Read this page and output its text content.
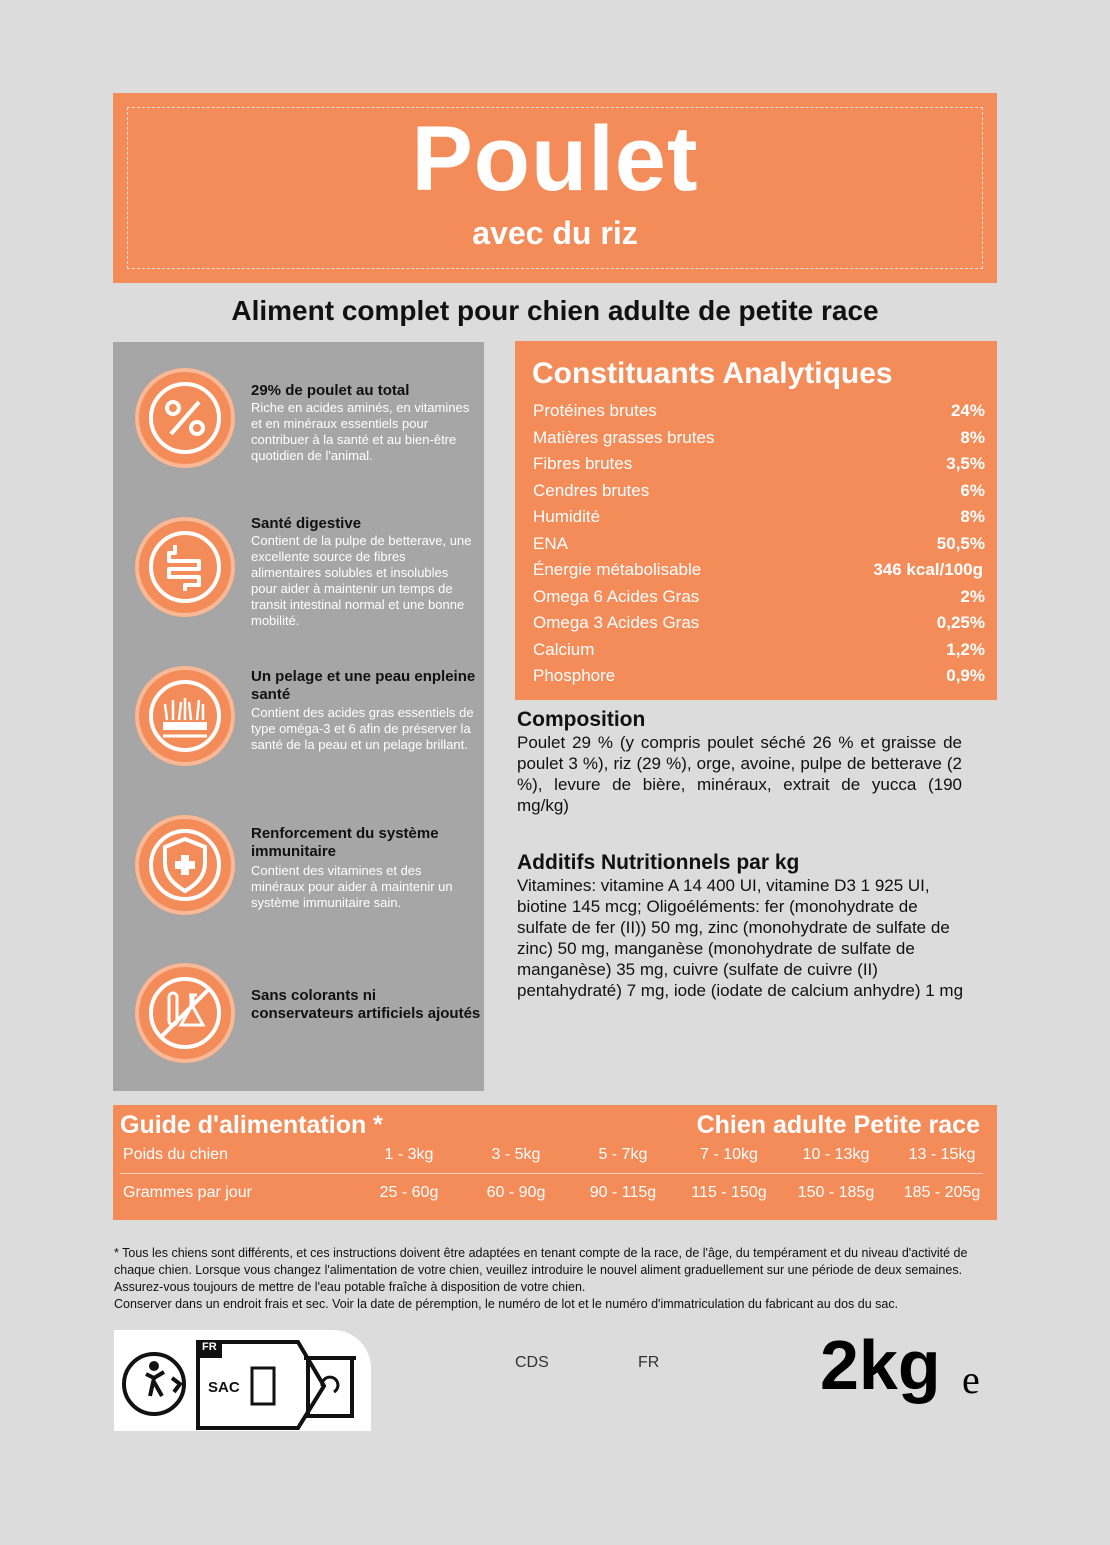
Poulet
avec du riz
Aliment complet pour chien adulte de petite race
29% de poulet au total
Riche en acides aminés, en vitamines et en minéraux essentiels pour contribuer à la santé et au bien-être quotidien de l'animal.
Santé digestive
Contient de la pulpe de betterave, une excellente source de fibres alimentaires solubles et insolubles pour aider à maintenir un temps de transit intestinal normal et une bonne mobilité.
Un pelage et une peau enpleine santé
Contient des acides gras essentiels de type oméga-3 et 6 afin de préserver la santé de la peau et un pelage brillant.
Renforcement du système immunitaire
Contient des vitamines et des minéraux pour aider à maintenir un système immunitaire sain.
Sans colorants ni conservateurs artificiels ajoutés
Constituants Analytiques
Protéines brutes	24%
Matières grasses brutes	8%
Fibres brutes	3,5%
Cendres brutes	6%
Humidité	8%
ENA	50,5%
Énergie métabolisable	346 kcal/100g
Omega 6 Acides Gras	2%
Omega 3 Acides Gras	0,25%
Calcium	1,2%
Phosphore	0,9%
Composition
Poulet 29 % (y compris poulet séché 26 % et graisse de poulet 3 %), riz (29 %), orge, avoine, pulpe de betterave (2 %), levure de bière, minéraux, extrait de yucca (190 mg/kg)
Additifs Nutritionnels par kg
Vitamines: vitamine A 14 400 UI, vitamine D3 1 925 UI, biotine 145 mcg; Oligoéléments: fer (monohydrate de sulfate de fer (II)) 50 mg, zinc (monohydrate de sulfate de zinc) 50 mg, manganèse (monohydrate de sulfate de manganèse) 35 mg, cuivre (sulfate de cuivre (II) pentahydraté) 7 mg, iode (iodate de calcium anhydre) 1 mg
Guide d'alimentation *	Chien adulte Petite race
Poids du chien	1 - 3kg	3 - 5kg	5 - 7kg	7 - 10kg	10 - 13kg	13 - 15kg
Grammes par jour	25 - 60g	60 - 90g	90 - 115g	115 - 150g	150 - 185g	185 - 205g
* Tous les chiens sont différents, et ces instructions doivent être adaptées en tenant compte de la race, de l'âge, du tempérament et du niveau d'activité de chaque chien. Lorsque vous changez l'alimentation de votre chien, veuillez introduire le nouvel aliment graduellement sur une période de deux semaines. Assurez-vous toujours de mettre de l'eau potable fraîche à disposition de votre chien.
Conserver dans un endroit frais et sec. Voir la date de péremption, le numéro de lot et le numéro d'immatriculation du fabricant au dos du sac.
FR
SAC
CDS	FR 2kg e
